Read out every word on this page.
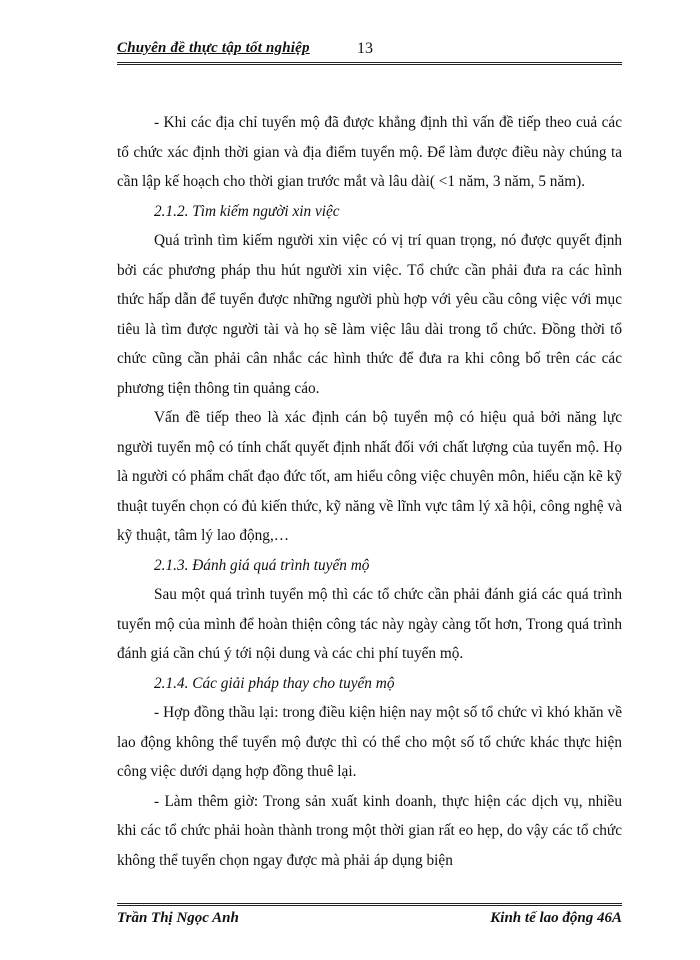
Chuyên đề thực tập tốt nghiệp	13

- Khi các địa chỉ tuyển mộ đã được khẳng định thì vấn đề tiếp theo cuả các tổ chức xác định thời gian và địa điểm tuyển mộ. Để làm được điều này chúng ta cần lập kế hoạch cho thời gian trước mắt và lâu dài( <1 năm, 3 năm, 5 năm).

2.1.2. Tìm kiếm người xin việc

Quá trình tìm kiếm người xin việc có vị trí quan trọng, nó được quyết định bởi các phương pháp thu hút người xin việc. Tổ chức cần phải đưa ra các hình thức hấp dẫn để tuyển được những người phù hợp với yêu cầu công việc với mục tiêu là tìm được người tài và họ sẽ làm việc lâu dài trong tổ chức. Đồng thời tổ chức cũng cần phải cân nhắc các hình thức để đưa ra khi công bố trên các các phương tiện thông tin quảng cáo.

Vấn đề tiếp theo là xác định cán bộ tuyển mộ có hiệu quả bởi năng lực người tuyển mộ có tính chất quyết định nhất đối với chất lượng của tuyển mộ. Họ là người có phẩm chất đạo đức tốt, am hiểu công việc chuyên môn, hiểu cặn kẽ kỹ thuật tuyển chọn có đủ kiến thức, kỹ năng về lĩnh vực tâm lý xã hội, công nghệ và kỹ thuật, tâm lý lao động,…

2.1.3. Đánh giá quá trình tuyển mộ

Sau một quá trình tuyển mộ thì các tổ chức cần phải đánh giá các quá trình tuyển mộ của mình để hoàn thiện công tác này ngày càng tốt hơn, Trong quá trình đánh giá cần chú ý tới nội dung và các chi phí tuyển mộ.

2.1.4. Các giải pháp thay cho tuyển mộ

- Hợp đồng thầu lại: trong điều kiện hiện nay một số tổ chức vì khó khăn về lao động không thể tuyển mộ được thì có thể cho một số tổ chức khác thực hiện công việc dưới dạng hợp đồng thuê lại.

- Làm thêm giờ: Trong sản xuất kinh doanh, thực hiện các dịch vụ, nhiều khi các tổ chức phải hoàn thành trong một thời gian rất eo hẹp, do vậy các tổ chức không thể tuyển chọn ngay được mà phải áp dụng biện

Trần Thị Ngọc Anh	Kinh tế lao động 46A
